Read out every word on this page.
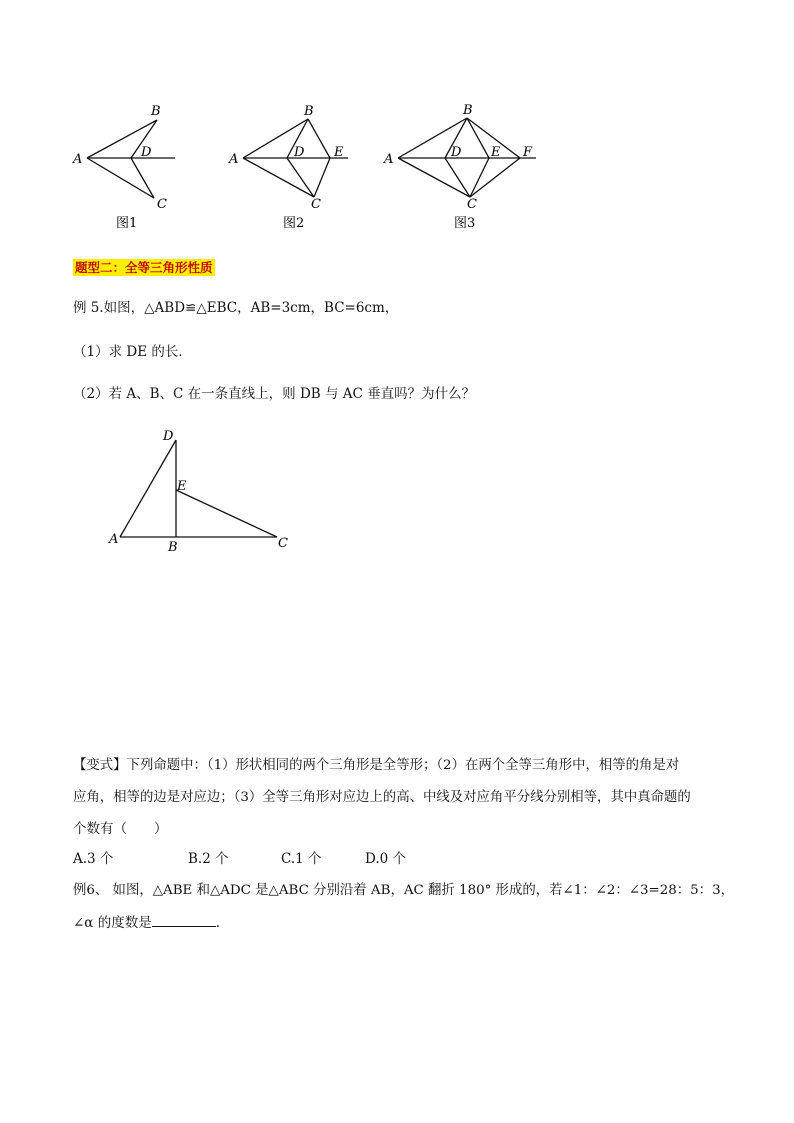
A
B
D
C
图1
A
B
D E
C
图2
A
B
D E F
C
图3
题型二：全等三角形性质
例 5.如图，△ABD≌△EBC，AB=3cm，BC=6cm，
（1）求 DE 的长．
（2）若 A、B、C 在一条直线上，则 DB 与 AC 垂直吗？为什么？
D
E
A
B	C
【变式】下列命题中：（1）形状相同的两个三角形是全等形；（2）在两个全等三角形中，相等的角是对
应角，相等的边是对应边；（3）全等三角形对应边上的高、中线及对应角平分线分别相等，其中真命题的
个数有（　　）
A.3 个	B.2 个	C.1 个	D.0 个
例6、 如图，△ABE 和△ADC 是△ABC 分别沿着 AB，AC 翻折 180° 形成的，若∠1：∠2：∠3=28：5：3，
∠α 的度数是	.
